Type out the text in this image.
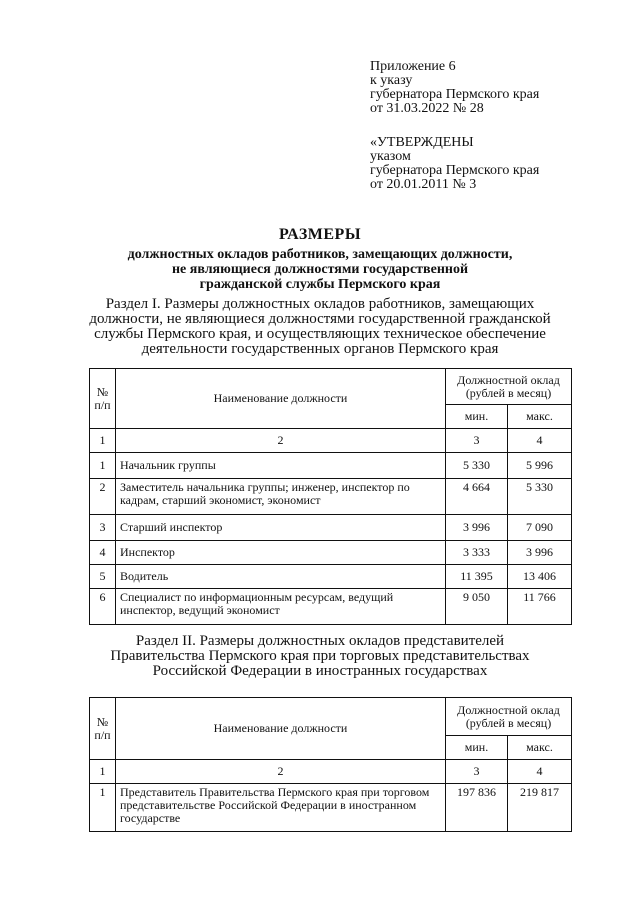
Приложение 6
к указу
губернатора Пермского края
от 31.03.2022 № 28
«УТВЕРЖДЕНЫ
указом
губернатора Пермского края
от 20.01.2011 № 3
РАЗМЕРЫ
должностных окладов работников, замещающих должности,
не являющиеся должностями государственной
гражданской службы Пермского края
Раздел I. Размеры должностных окладов работников, замещающих
должности, не являющиеся должностями государственной гражданской
службы Пермского края, и осуществляющих техническое обеспечение
деятельности государственных органов Пермского края
№ п/п	Наименование должности	Должностной оклад (рублей в месяц)	
		мин.	макс.
1	2	3	4
1	Начальник группы	5 330	5 996
2	Заместитель начальника группы; инженер, инспектор по кадрам, старший экономист, экономист	4 664	5 330
3	Старший инспектор	3 996	7 090
4	Инспектор	3 333	3 996
5	Водитель	11 395	13 406
6	Специалист по информационным ресурсам, ведущий инспектор, ведущий экономист	9 050	11 766
Раздел II. Размеры должностных окладов представителей
Правительства Пермского края при торговых представительствах
Российской Федерации в иностранных государствах
№ п/п	Наименование должности	Должностной оклад (рублей в месяц)	
		мин.	макс.
1	2	3	4
1	Представитель Правительства Пермского края при торговом представительстве Российской Федерации в иностранном государстве	197 836	219 817
